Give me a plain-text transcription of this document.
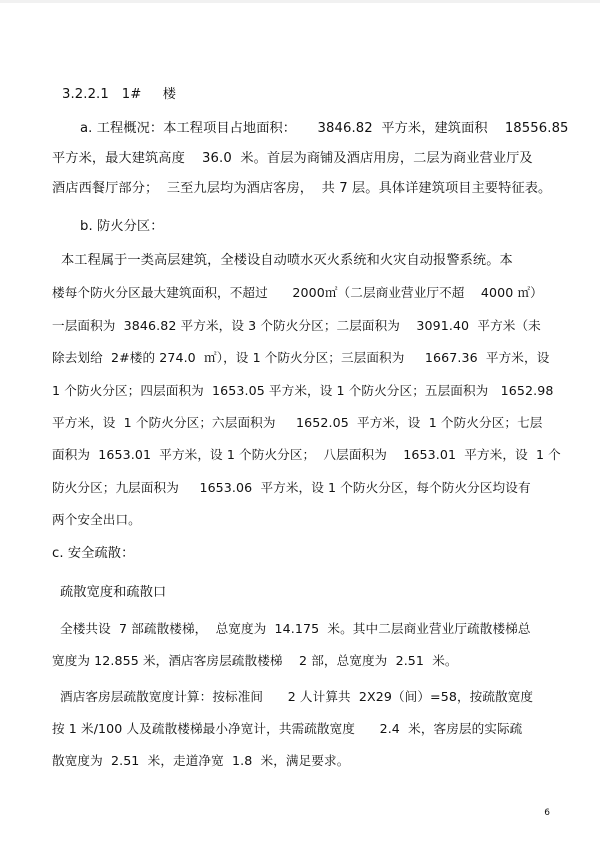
3.2.2.1   1#     楼
a. 工程概况：本工程项目占地面积：     3846.82  平方米，建筑面积    18556.85
平方米，最大建筑高度    36.0  米。首层为商铺及酒店用房，二层为商业营业厅及
酒店西餐厅部分；  三至九层均为酒店客房，  共 7 层。具体详建筑项目主要特征表。
b. 防火分区：
本工程属于一类高层建筑，全楼设自动喷水灭火系统和火灾自动报警系统。本
楼每个防火分区最大建筑面积，不超过      2000㎡（二层商业营业厅不超    4000 ㎡）
一层面积为  3846.82 平方米，设 3 个防火分区；二层面积为    3091.40  平方米（未
除去划给  2#楼的 274.0  ㎡），设 1 个防火分区；三层面积为     1667.36  平方米，设
1 个防火分区；四层面积为  1653.05 平方米，设 1 个防火分区；五层面积为   1652.98
平方米，设  1 个防火分区；六层面积为     1652.05  平方米，设  1 个防火分区；七层
面积为  1653.01  平方米，设 1 个防火分区；  八层面积为    1653.01  平方米，设  1 个
防火分区；九层面积为     1653.06  平方米，设 1 个防火分区，每个防火分区均设有
两个安全出口。
c. 安全疏散：
疏散宽度和疏散口
全楼共设  7 部疏散楼梯，  总宽度为  14.175  米。其中二层商业营业厅疏散楼梯总
宽度为 12.855 米，酒店客房层疏散楼梯    2 部，总宽度为  2.51  米。
酒店客房层疏散宽度计算：按标准间      2 人计算共  2X29（间）=58，按疏散宽度
按 1 米/100 人及疏散楼梯最小净宽计，共需疏散宽度      2.4  米，客房层的实际疏
散宽度为  2.51  米，走道净宽  1.8  米，满足要求。
6
